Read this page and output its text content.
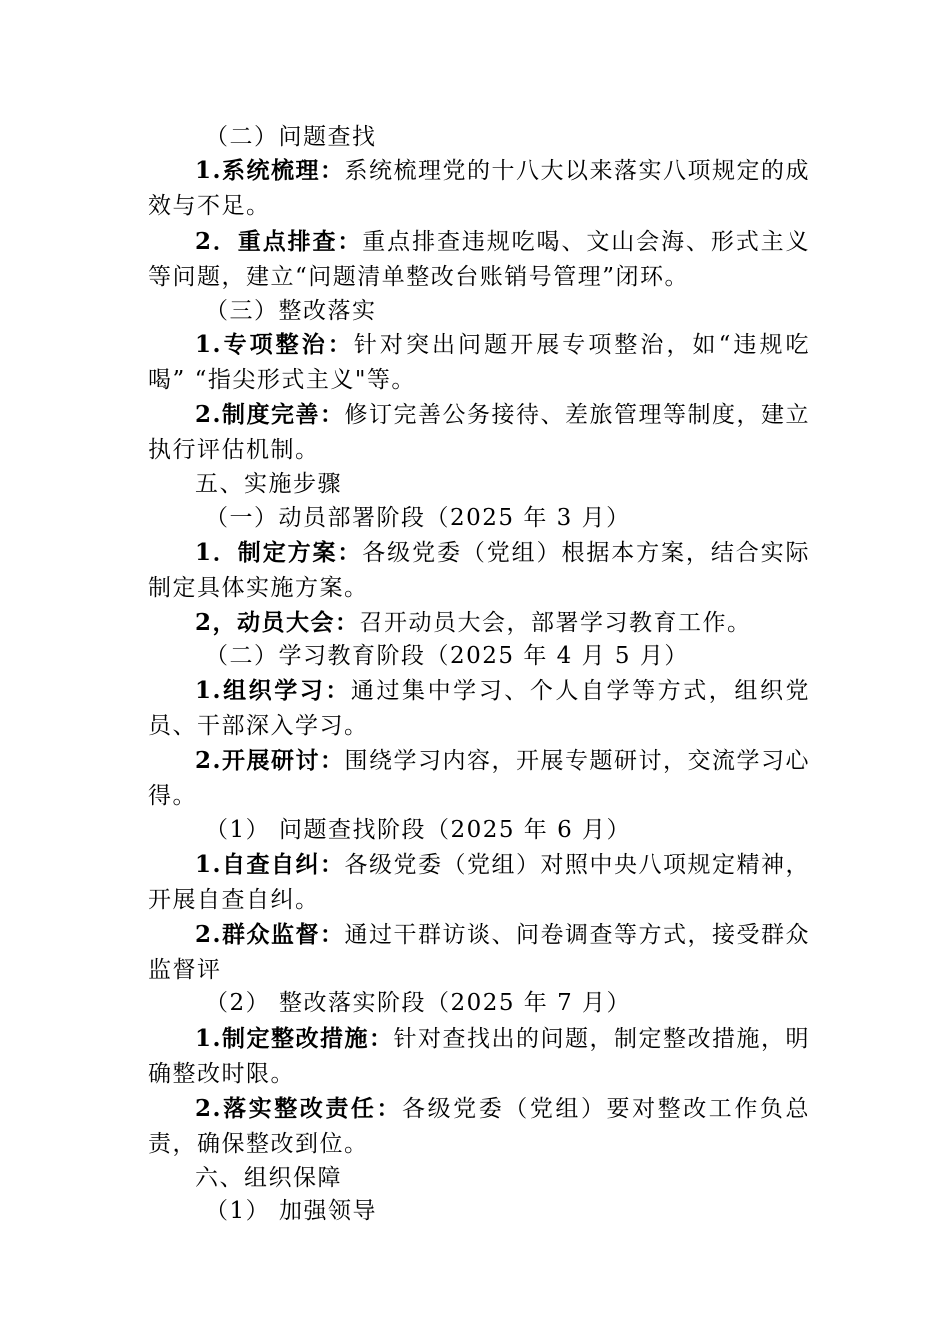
（二）问题查找
1.系统梳理：系统梳理党的十八大以来落实八项规定的成效与不足。
2．重点排查：重点排查违规吃喝、文山会海、形式主义等问题，建立“问题清单整改台账销号管理”闭环。
（三）整改落实
1.专项整治：针对突出问题开展专项整治，如“违规吃喝” “指尖形式主义"等。
2.制度完善：修订完善公务接待、差旅管理等制度，建立执行评估机制。
五、实施步骤
（一）动员部署阶段（2025 年 3 月）
1．制定方案：各级党委（党组）根据本方案，结合实际制定具体实施方案。
2，动员大会：召开动员大会，部署学习教育工作。
（二）学习教育阶段（2025 年 4 月 5 月）
1.组织学习：通过集中学习、个人自学等方式，组织党员、干部深入学习。
2.开展研讨：围绕学习内容，开展专题研讨，交流学习心得。
（1） 问题查找阶段（2025 年 6 月）
1.自查自纠：各级党委（党组）对照中央八项规定精神，开展自查自纠。
2.群众监督：通过干群访谈、问卷调查等方式，接受群众监督评
（2） 整改落实阶段（2025 年 7 月）
1.制定整改措施：针对查找出的问题，制定整改措施，明确整改时限。
2.落实整改责任：各级党委（党组）要对整改工作负总责，确保整改到位。
六、组织保障
（1） 加强领导
